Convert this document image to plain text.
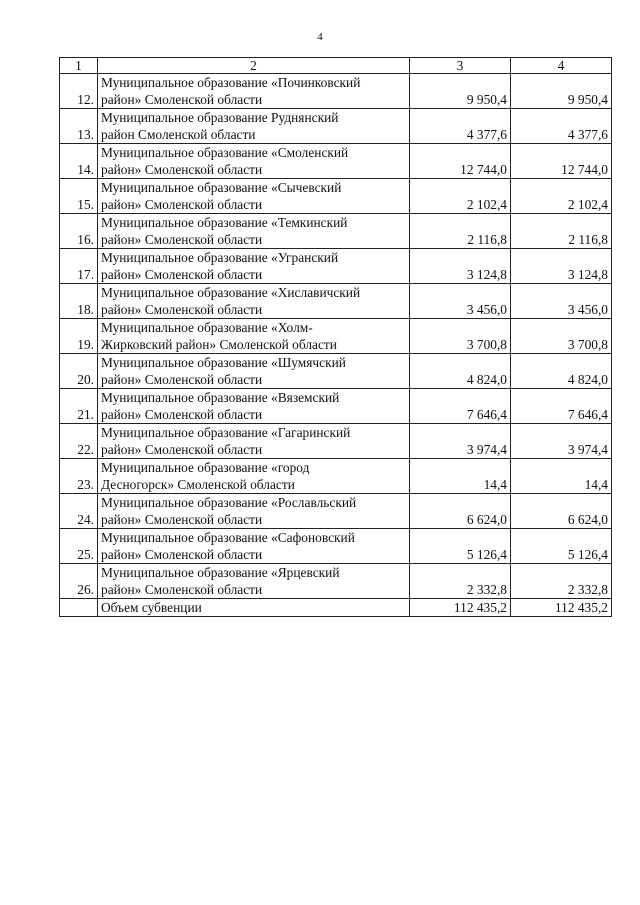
4
1	2	3	4
12.	Муниципальное образование «Починковский
район» Смоленской области	9 950,4	9 950,4
13.	Муниципальное образование Руднянский
район Смоленской области	4 377,6	4 377,6
14.	Муниципальное образование «Смоленский
район» Смоленской области	12 744,0	12 744,0
15.	Муниципальное образование «Сычевский
район» Смоленской области	2 102,4	2 102,4
16.	Муниципальное образование «Темкинский
район» Смоленской области	2 116,8	2 116,8
17.	Муниципальное образование «Угранский
район» Смоленской области	3 124,8	3 124,8
18.	Муниципальное образование «Хиславичский
район» Смоленской области	3 456,0	3 456,0
19.	Муниципальное образование «Холм-
Жирковский район» Смоленской области	3 700,8	3 700,8
20.	Муниципальное образование «Шумячский
район» Смоленской области	4 824,0	4 824,0
21.	Муниципальное образование «Вяземский
район» Смоленской области	7 646,4	7 646,4
22.	Муниципальное образование «Гагаринский
район» Смоленской области	3 974,4	3 974,4
23.	Муниципальное образование «город
Десногорск» Смоленской области	14,4	14,4
24.	Муниципальное образование «Рославльский
район» Смоленской области	6 624,0	6 624,0
25.	Муниципальное образование «Сафоновский
район» Смоленской области	5 126,4	5 126,4
26.	Муниципальное образование «Ярцевский
район» Смоленской области	2 332,8	2 332,8
	Объем субвенции	112 435,2	112 435,2
